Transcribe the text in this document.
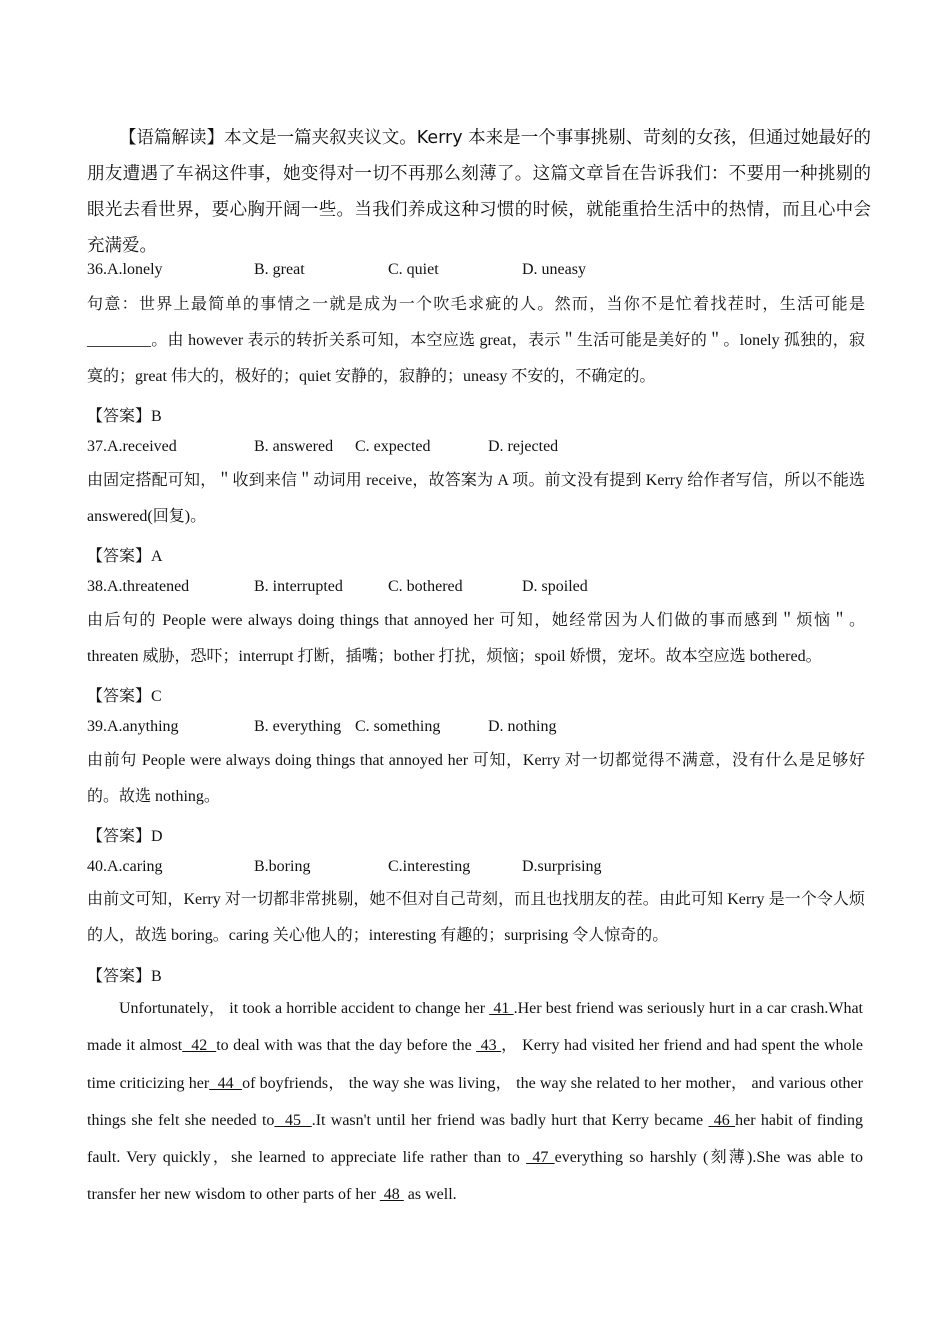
【语篇解读】本文是一篇夹叙夹议文。Kerry 本来是一个事事挑剔、苛刻的女孩，但通过她最好的朋友遭遇了车祸这件事，她变得对一切不再那么刻薄了。这篇文章旨在告诉我们：不要用一种挑剔的眼光去看世界，要心胸开阔一些。当我们养成这种习惯的时候，就能重拾生活中的热情，而且心中会充满爱。

36.A.lonely	B. great	C. quiet	D. uneasy

句意：世界上最简单的事情之一就是成为一个吹毛求疵的人。然而，当你不是忙着找茬时，生活可能是________。由 however 表示的转折关系可知，本空应选 great，表示＂生活可能是美好的＂。lonely 孤独的，寂寞的；great 伟大的，极好的；quiet 安静的，寂静的；uneasy 不安的，不确定的。

【答案】B
37.A.received	B. answered C. expected	D. rejected

由固定搭配可知，＂收到来信＂动词用 receive，故答案为 A 项。前文没有提到 Kerry 给作者写信，所以不能选 answered(回复)。

【答案】A
38.A.threatened	B. interrupted	C. bothered	D. spoiled

由后句的 People were always doing things that annoyed her 可知，她经常因为人们做的事而感到＂烦恼＂。threaten 威胁，恐吓；interrupt 打断，插嘴；bother 打扰，烦恼；spoil 娇惯，宠坏。故本空应选 bothered。

【答案】C
39.A.anything	B. everything C. something	D. nothing

由前句 People were always doing things that annoyed her 可知，Kerry 对一切都觉得不满意，没有什么是足够好的。故选 nothing。

【答案】D
40.A.caring	B.boring	C.interesting	D.surprising

由前文可知，Kerry 对一切都非常挑剔，她不但对自己苛刻，而且也找朋友的茬。由此可知 Kerry 是一个令人烦的人，故选 boring。caring 关心他人的；interesting 有趣的；surprising 令人惊奇的。

【答案】B

Unfortunately， it took a horrible accident to change her  41 .Her best friend was seriously hurt in a car crash.What made it almost  42  to deal with was that the day before the  43 ， Kerry had visited her friend and had spent the whole time criticizing her  44  of boyfriends， the way she was living， the way she related to her mother， and various other things she felt she needed to  45  .It wasn't until her friend was badly hurt that Kerry became  46 her habit of finding fault. Very quickly，she learned to appreciate life rather than to  47 everything so harshly (刻薄).She was able to transfer her new wisdom to other parts of her  48  as well.
